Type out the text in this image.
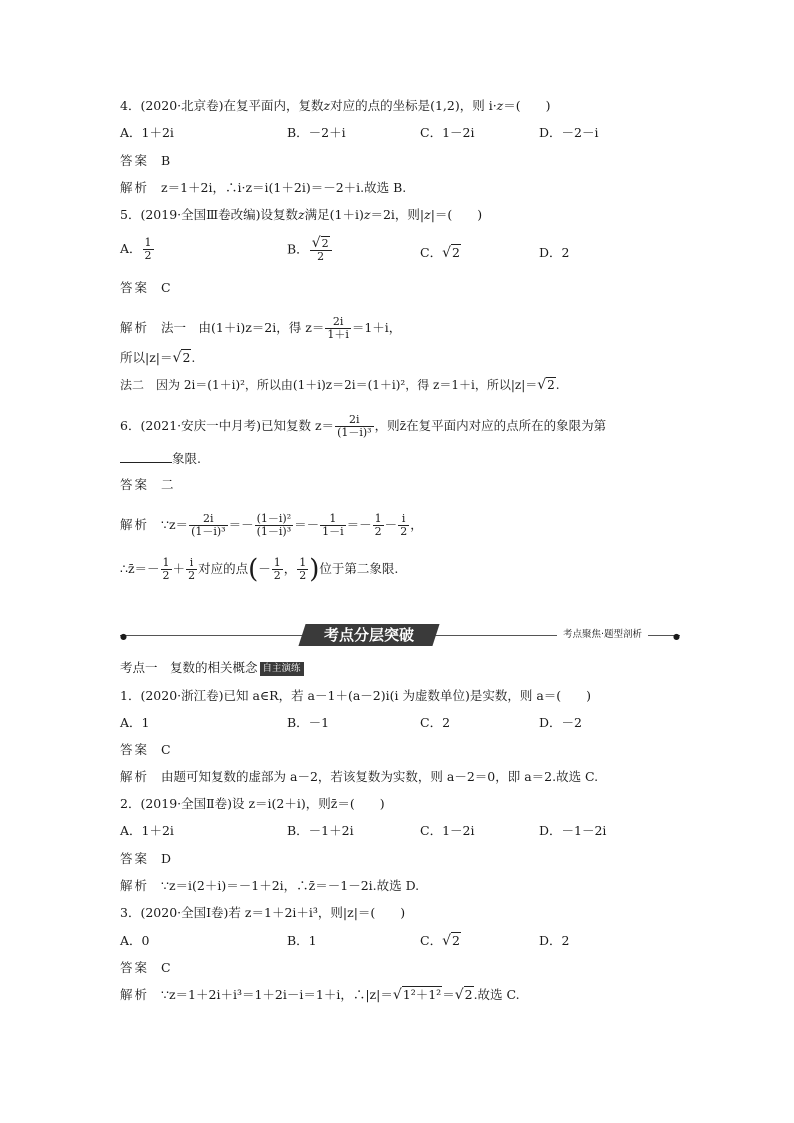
4．(2020·北京卷)在复平面内，复数z对应的点的坐标是(1,2)，则 i·z＝(　　)
A．1＋2i	B．－2＋i	C．1－2i	D．－2－i
答案 B
解析 z＝1＋2i，∴i·z＝i(1＋2i)＝－2＋i.故选 B.
5．(2019·全国Ⅲ卷改编)设复数z满足(1＋i)z＝2i，则|z|＝(　　)
A． $\frac{1}{2}$	B． $\frac{√2}{2}$	C．√2	D．2
答案 C
解析 法一　由(1＋i)z＝2i，得 $z= \frac{2i}{1+i} =1+i$，
所以|z|＝√2.
法二　因为 2i＝(1＋i)²，所以由(1＋i)z＝2i＝(1＋i)²，得 z＝1＋i，所以|z|＝√2.
6．(2021·安庆一中月考)已知复数 $z= \frac{2i}{\text{(1－i)³}}$ ，则z̄在复平面内对应的点所在的象限为第
象限.
答案 二
解析 ∵z＝ $\frac{2i}{\text{(1－i)³}} =- \frac{\text{(1－i)²}}{\text{(1－i)³}} =- \frac{1}{1-i} =- \frac{1}{2} - \frac{i}{2}$ ，
∴z̄＝－ $\frac{1}{2} + \frac{i}{2}$ 对应的点(－ $\frac{1}{2}$ ， $\frac{1}{2}$ )位于第二象限.
●	●
考点分层突破	考点聚焦·题型剖析
考点一　复数的相关概念 自主演练
1．(2020·浙江卷)已知 a∈R，若 a－1＋(a－2)i(i 为虚数单位)是实数，则 a＝(　　)
A．1	B．－1	C．2	D．－2
答案 C
解析 由题可知复数的虚部为 a－2，若该复数为实数，则 a－2＝0，即 a＝2.故选 C.
2．(2019·全国Ⅱ卷)设 z＝i(2＋i)，则z̄＝(　　)
A．1＋2i	B．－1＋2i	C．1－2i	D．－1－2i
答案 D
解析 ∵z＝i(2＋i)＝－1＋2i，∴z̄＝－1－2i.故选 D.
3．(2020·全国Ⅰ卷)若 z＝1＋2i＋i³，则|z|＝(　　)
A．0	B．1	C．√2	D．2
答案 C
解析 ∵z＝1＋2i＋i³＝1＋2i－i＝1＋i，∴|z|＝√1²＋1²＝√2.故选 C.
